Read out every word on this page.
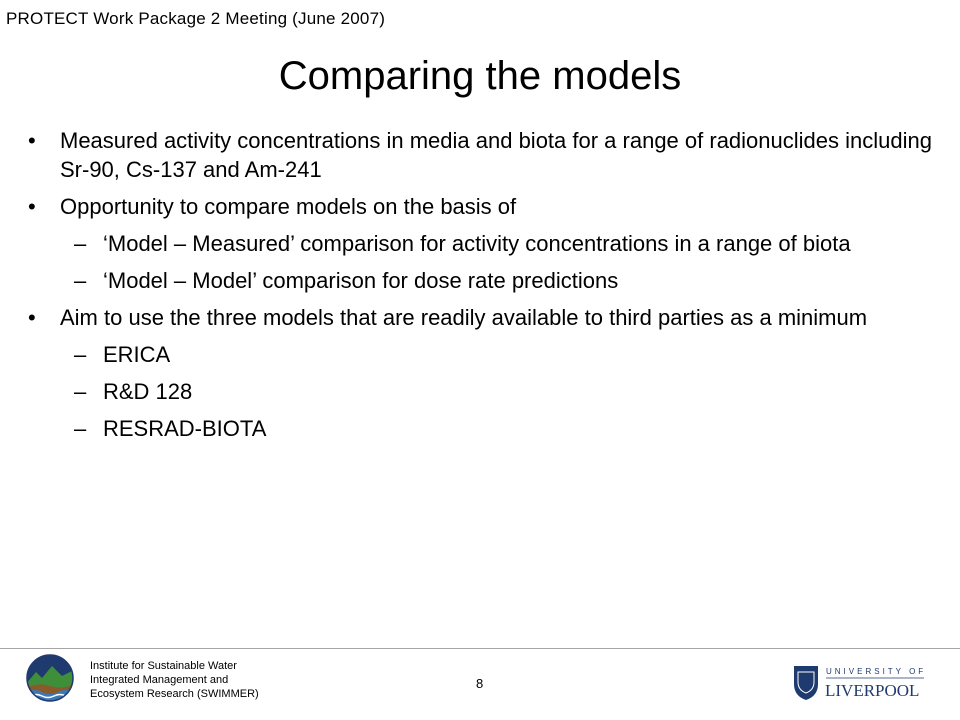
PROTECT Work Package 2 Meeting (June 2007)
Comparing the models
• Measured activity concentrations in media and biota for a range of radionuclides including Sr-90, Cs-137 and Am-241
• Opportunity to compare models on the basis of
– ‘Model – Measured’ comparison for activity concentrations in a range of biota
– ‘Model – Model’ comparison for dose rate predictions
• Aim to use the three models that are readily available to third parties as a minimum
– ERICA
– R&D 128
– RESRAD-BIOTA
Institute for Sustainable Water
Integrated Management and
Ecosystem Research (SWIMMER)
8
UNIVERSITY OF
LIVERPOOL
